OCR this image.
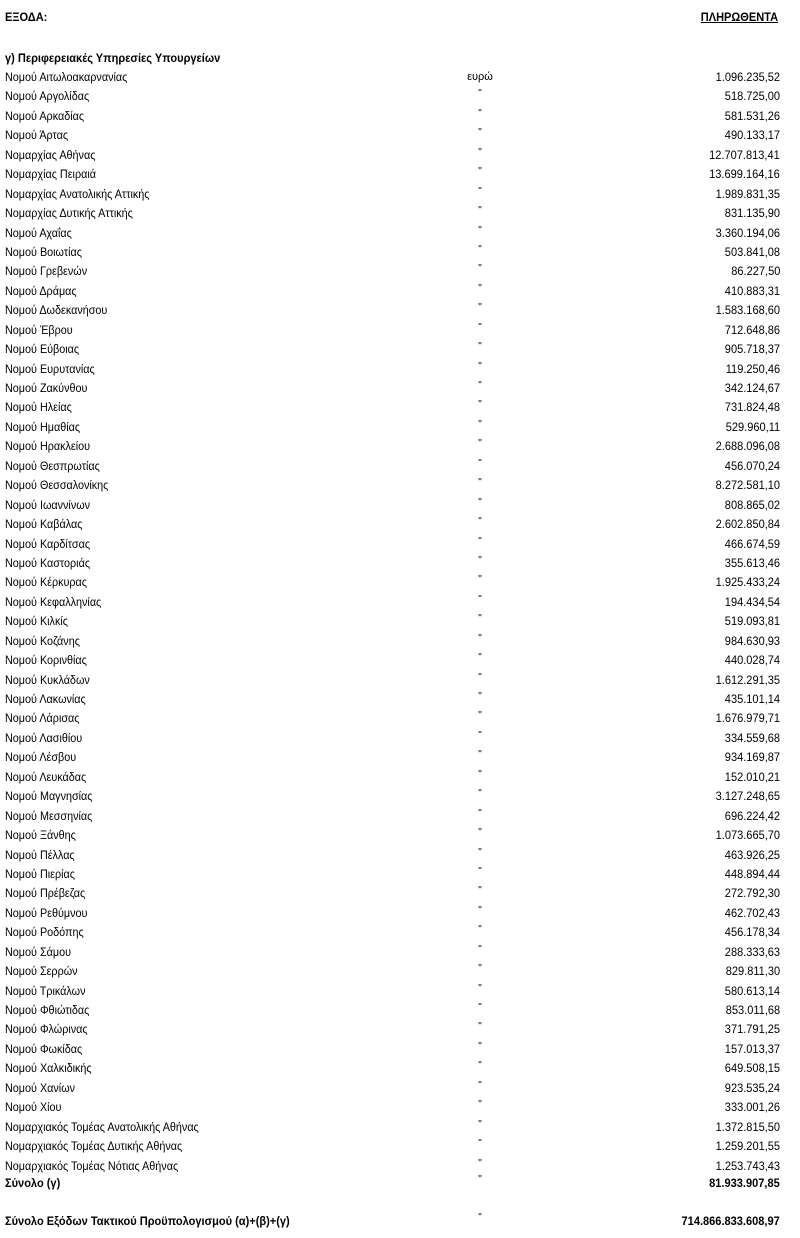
ΕΞΟΔΑ:	ΠΛΗΡΩΘΕΝΤΑ
γ) Περιφερειακές Υπηρεσίες Υπουργείων
Νομού Αιτωλοακαρνανίας	ευρώ	1.096.235,52
Νομού Αργολίδας	"	518.725,00
Νομού Αρκαδίας	"	581.531,26
Νομού Άρτας	"	490.133,17
Νομαρχίας Αθήνας	"	12.707.813,41
Νομαρχίας Πειραιά	"	13.699.164,16
Νομαρχίας Ανατολικής Αττικής	"	1.989.831,35
Νομαρχίας Δυτικής Αττικής	"	831.135,90
Νομού Αχαΐας	"	3.360.194,06
Νομού Βοιωτίας	"	503.841,08
Νομού Γρεβενών	"	86.227,50
Νομού Δράμας	"	410.883,31
Νομού Δωδεκανήσου	"	1.583.168,60
Νομού Έβρου	"	712.648,86
Νομού Εύβοιας	"	905.718,37
Νομού Ευρυτανίας	"	119.250,46
Νομού Ζακύνθου	"	342.124,67
Νομού Ηλείας	"	731.824,48
Νομού Ημαθίας	"	529.960,11
Νομού Ηρακλείου	"	2.688.096,08
Νομού Θεσπρωτίας	"	456.070,24
Νομού Θεσσαλονίκης	"	8.272.581,10
Νομού Ιωαννίνων	"	808.865,02
Νομού Καβάλας	"	2.602.850,84
Νομού Καρδίτσας	"	466.674,59
Νομού Καστοριάς	"	355.613,46
Νομού Κέρκυρας	"	1.925.433,24
Νομού Κεφαλληνίας	"	194.434,54
Νομού Κιλκίς	"	519.093,81
Νομού Κοζάνης	"	984.630,93
Νομού Κορινθίας	"	440.028,74
Νομού Κυκλάδων	"	1.612.291,35
Νομού Λακωνίας	"	435.101,14
Νομού Λάρισας	"	1.676.979,71
Νομού Λασιθίου	"	334.559,68
Νομού Λέσβου	"	934.169,87
Νομού Λευκάδας	"	152.010,21
Νομού Μαγνησίας	"	3.127.248,65
Νομού Μεσσηνίας	"	696.224,42
Νομού Ξάνθης	"	1.073.665,70
Νομού Πέλλας	"	463.926,25
Νομού Πιερίας	"	448.894,44
Νομού Πρέβεζας	"	272.792,30
Νομού Ρεθύμνου	"	462.702,43
Νομού Ροδόπης	"	456.178,34
Νομού Σάμου	"	288.333,63
Νομού Σερρών	"	829.811,30
Νομού Τρικάλων	"	580.613,14
Νομού Φθιώτιδας	"	853.011,68
Νομού Φλώρινας	"	371.791,25
Νομού Φωκίδας	"	157.013,37
Νομού Χαλκιδικής	"	649.508,15
Νομού Χανίων	"	923.535,24
Νομού Χίου	"	333.001,26
Νομαρχιακός Τομέας Ανατολικής Αθήνας	"	1.372.815,50
Νομαρχιακός Τομέας Δυτικής Αθήνας	"	1.259.201,55
Νομαρχιακός Τομέας Νότιας Αθήνας	"	1.253.743,43
Σύνολο (γ)	"	81.933.907,85
Σύνολο Εξόδων Τακτικού Προϋπολογισμού (α)+(β)+(γ)	"	714.866.833.608,97
